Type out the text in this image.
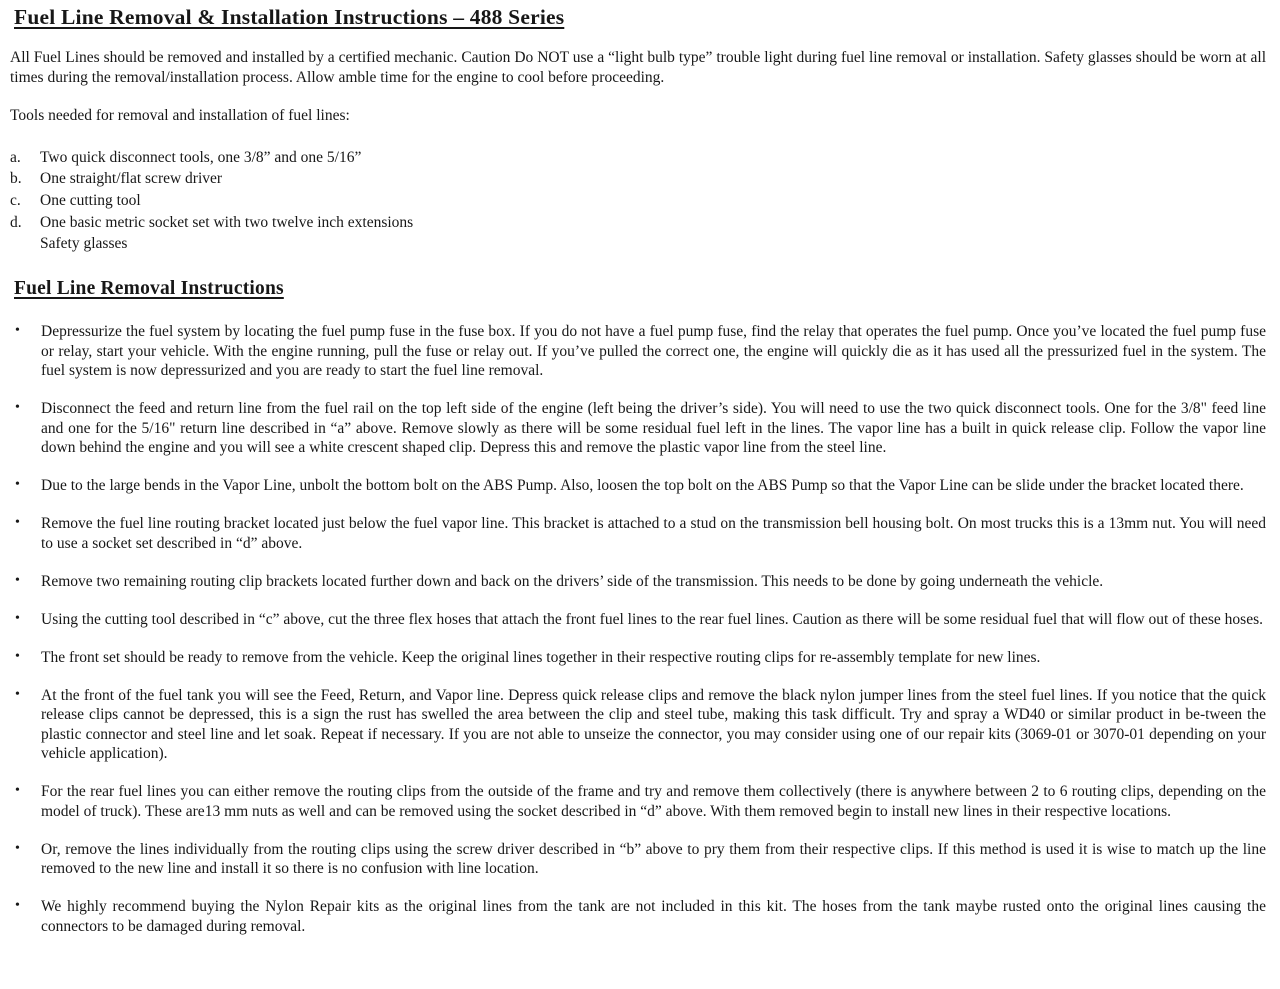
Fuel Line Removal & Installation Instructions – 488 Series

All Fuel Lines should be removed and installed by a certified mechanic. Caution Do NOT use a “light bulb type” trouble light during fuel line removal or installation. Safety glasses should be worn at all times during the removal/installation process. Allow amble time for the engine to cool before proceeding.

Tools needed for removal and installation of fuel lines:

a.	Two quick disconnect tools, one 3/8” and one 5/16”
b.	One straight/flat screw driver
c.	One cutting tool
d.	One basic metric socket set with two twelve inch extensions
Safety glasses
Fuel Line Removal Instructions
•	Depressurize the fuel system by locating the fuel pump fuse in the fuse box. If you do not have a fuel pump fuse, find the relay that operates the fuel pump. Once you’ve located the fuel pump fuse or relay, start your vehicle. With the engine running, pull the fuse or relay out. If you’ve pulled the correct one, the engine will quickly die as it has used all the pressurized fuel in the system. The fuel system is now depressurized and you are ready to start the fuel line removal.

•	Disconnect the feed and return line from the fuel rail on the top left side of the engine (left being the driver’s side). You will need to use the two quick disconnect tools. One for the 3/8" feed line and one for the 5/16" return line described in “a” above. Remove slowly as there will be some residual fuel left in the lines. The vapor line has a built in quick release clip. Follow the vapor line down behind the engine and you will see a white crescent shaped clip. Depress this and remove the plastic vapor line from the steel line.

•	Due to the large bends in the Vapor Line, unbolt the bottom bolt on the ABS Pump. Also, loosen the top bolt on the ABS Pump so that the Vapor Line can be slide under the bracket located there.

•	Remove the fuel line routing bracket located just below the fuel vapor line. This bracket is attached to a stud on the transmission bell housing bolt. On most trucks this is a 13mm nut. You will need to use a socket set described in “d” above.

•	Remove two remaining routing clip brackets located further down and back on the drivers’ side of the transmission. This needs to be done by going underneath the vehicle.

•	Using the cutting tool described in “c” above, cut the three flex hoses that attach the front fuel lines to the rear fuel lines. Caution as there will be some residual fuel that will flow out of these hoses.

•	The front set should be ready to remove from the vehicle. Keep the original lines together in their respective routing clips for re-assembly template for new lines.

•	At the front of the fuel tank you will see the Feed, Return, and Vapor line. Depress quick release clips and remove the black nylon jumper lines from the steel fuel lines. If you notice that the quick release clips cannot be depressed, this is a sign the rust has swelled the area between the clip and steel tube, making this task difficult. Try and spray a WD40 or similar product in be-tween the plastic connector and steel line and let soak. Repeat if necessary. If you are not able to unseize the connector, you may consider using one of our repair kits (3069-01 or 3070-01 depending on your vehicle application).

•	For the rear fuel lines you can either remove the routing clips from the outside of the frame and try and remove them collectively (there is anywhere between 2 to 6 routing clips, depending on the model of truck). These are13 mm nuts as well and can be removed using the socket described in “d” above. With them removed begin to install new lines in their respective locations.

•	Or, remove the lines individually from the routing clips using the screw driver described in “b” above to pry them from their respective clips. If this method is used it is wise to match up the line removed to the new line and install it so there is no confusion with line location.

•	We highly recommend buying the Nylon Repair kits as the original lines from the tank are not included in this kit. The hoses from the tank maybe rusted onto the original lines causing the connectors to be damaged during removal.
